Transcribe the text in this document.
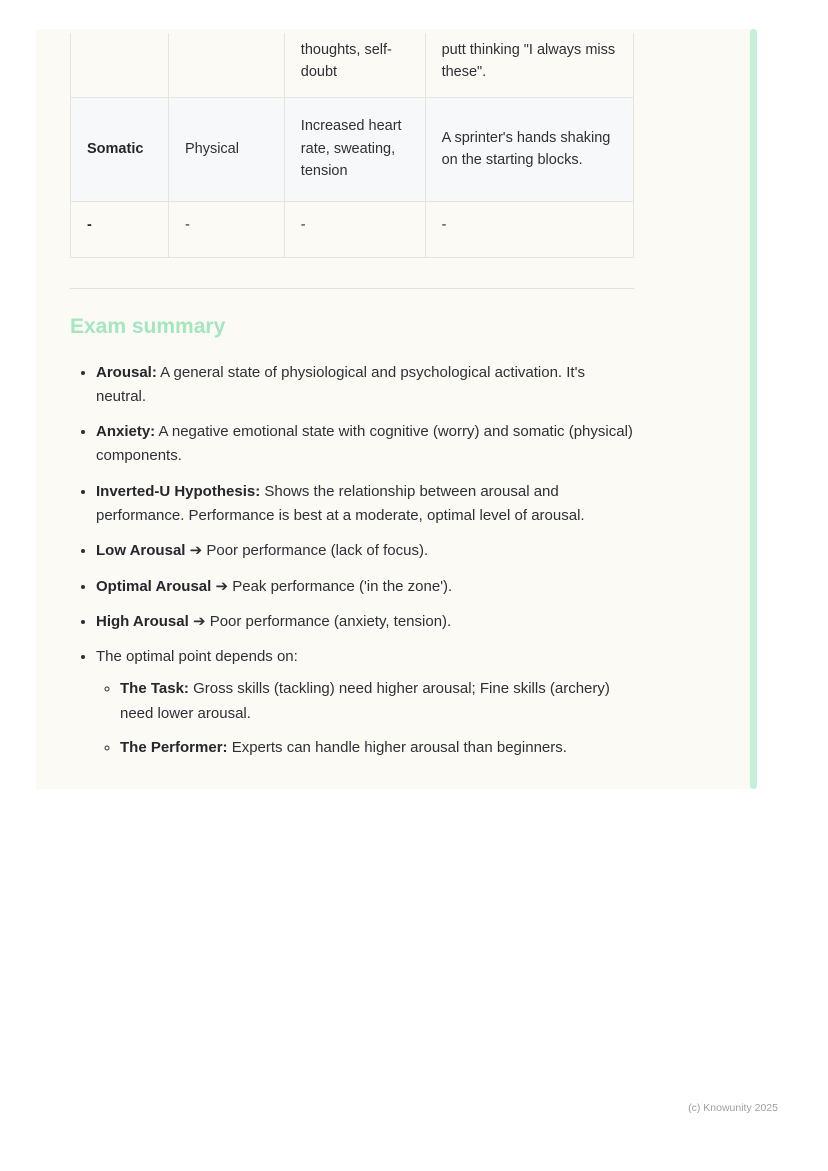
		thoughts, self-doubt	putt thinking "I always miss these".
Somatic	Physical	Increased heart rate, sweating, tension	A sprinter's hands shaking on the starting blocks.
-	-	-	-
Exam summary
• Arousal: A general state of physiological and psychological activation. It's neutral.
• Anxiety: A negative emotional state with cognitive (worry) and somatic (physical) components.
• Inverted-U Hypothesis: Shows the relationship between arousal and performance. Performance is best at a moderate, optimal level of arousal.
• Low Arousal ➔ Poor performance (lack of focus).
• Optimal Arousal ➔ Peak performance ('in the zone').
• High Arousal ➔ Poor performance (anxiety, tension).
• The optimal point depends on:
◦ The Task: Gross skills (tackling) need higher arousal; Fine skills (archery) need lower arousal.
◦ The Performer: Experts can handle higher arousal than beginners.
(c) Knowunity 2025
